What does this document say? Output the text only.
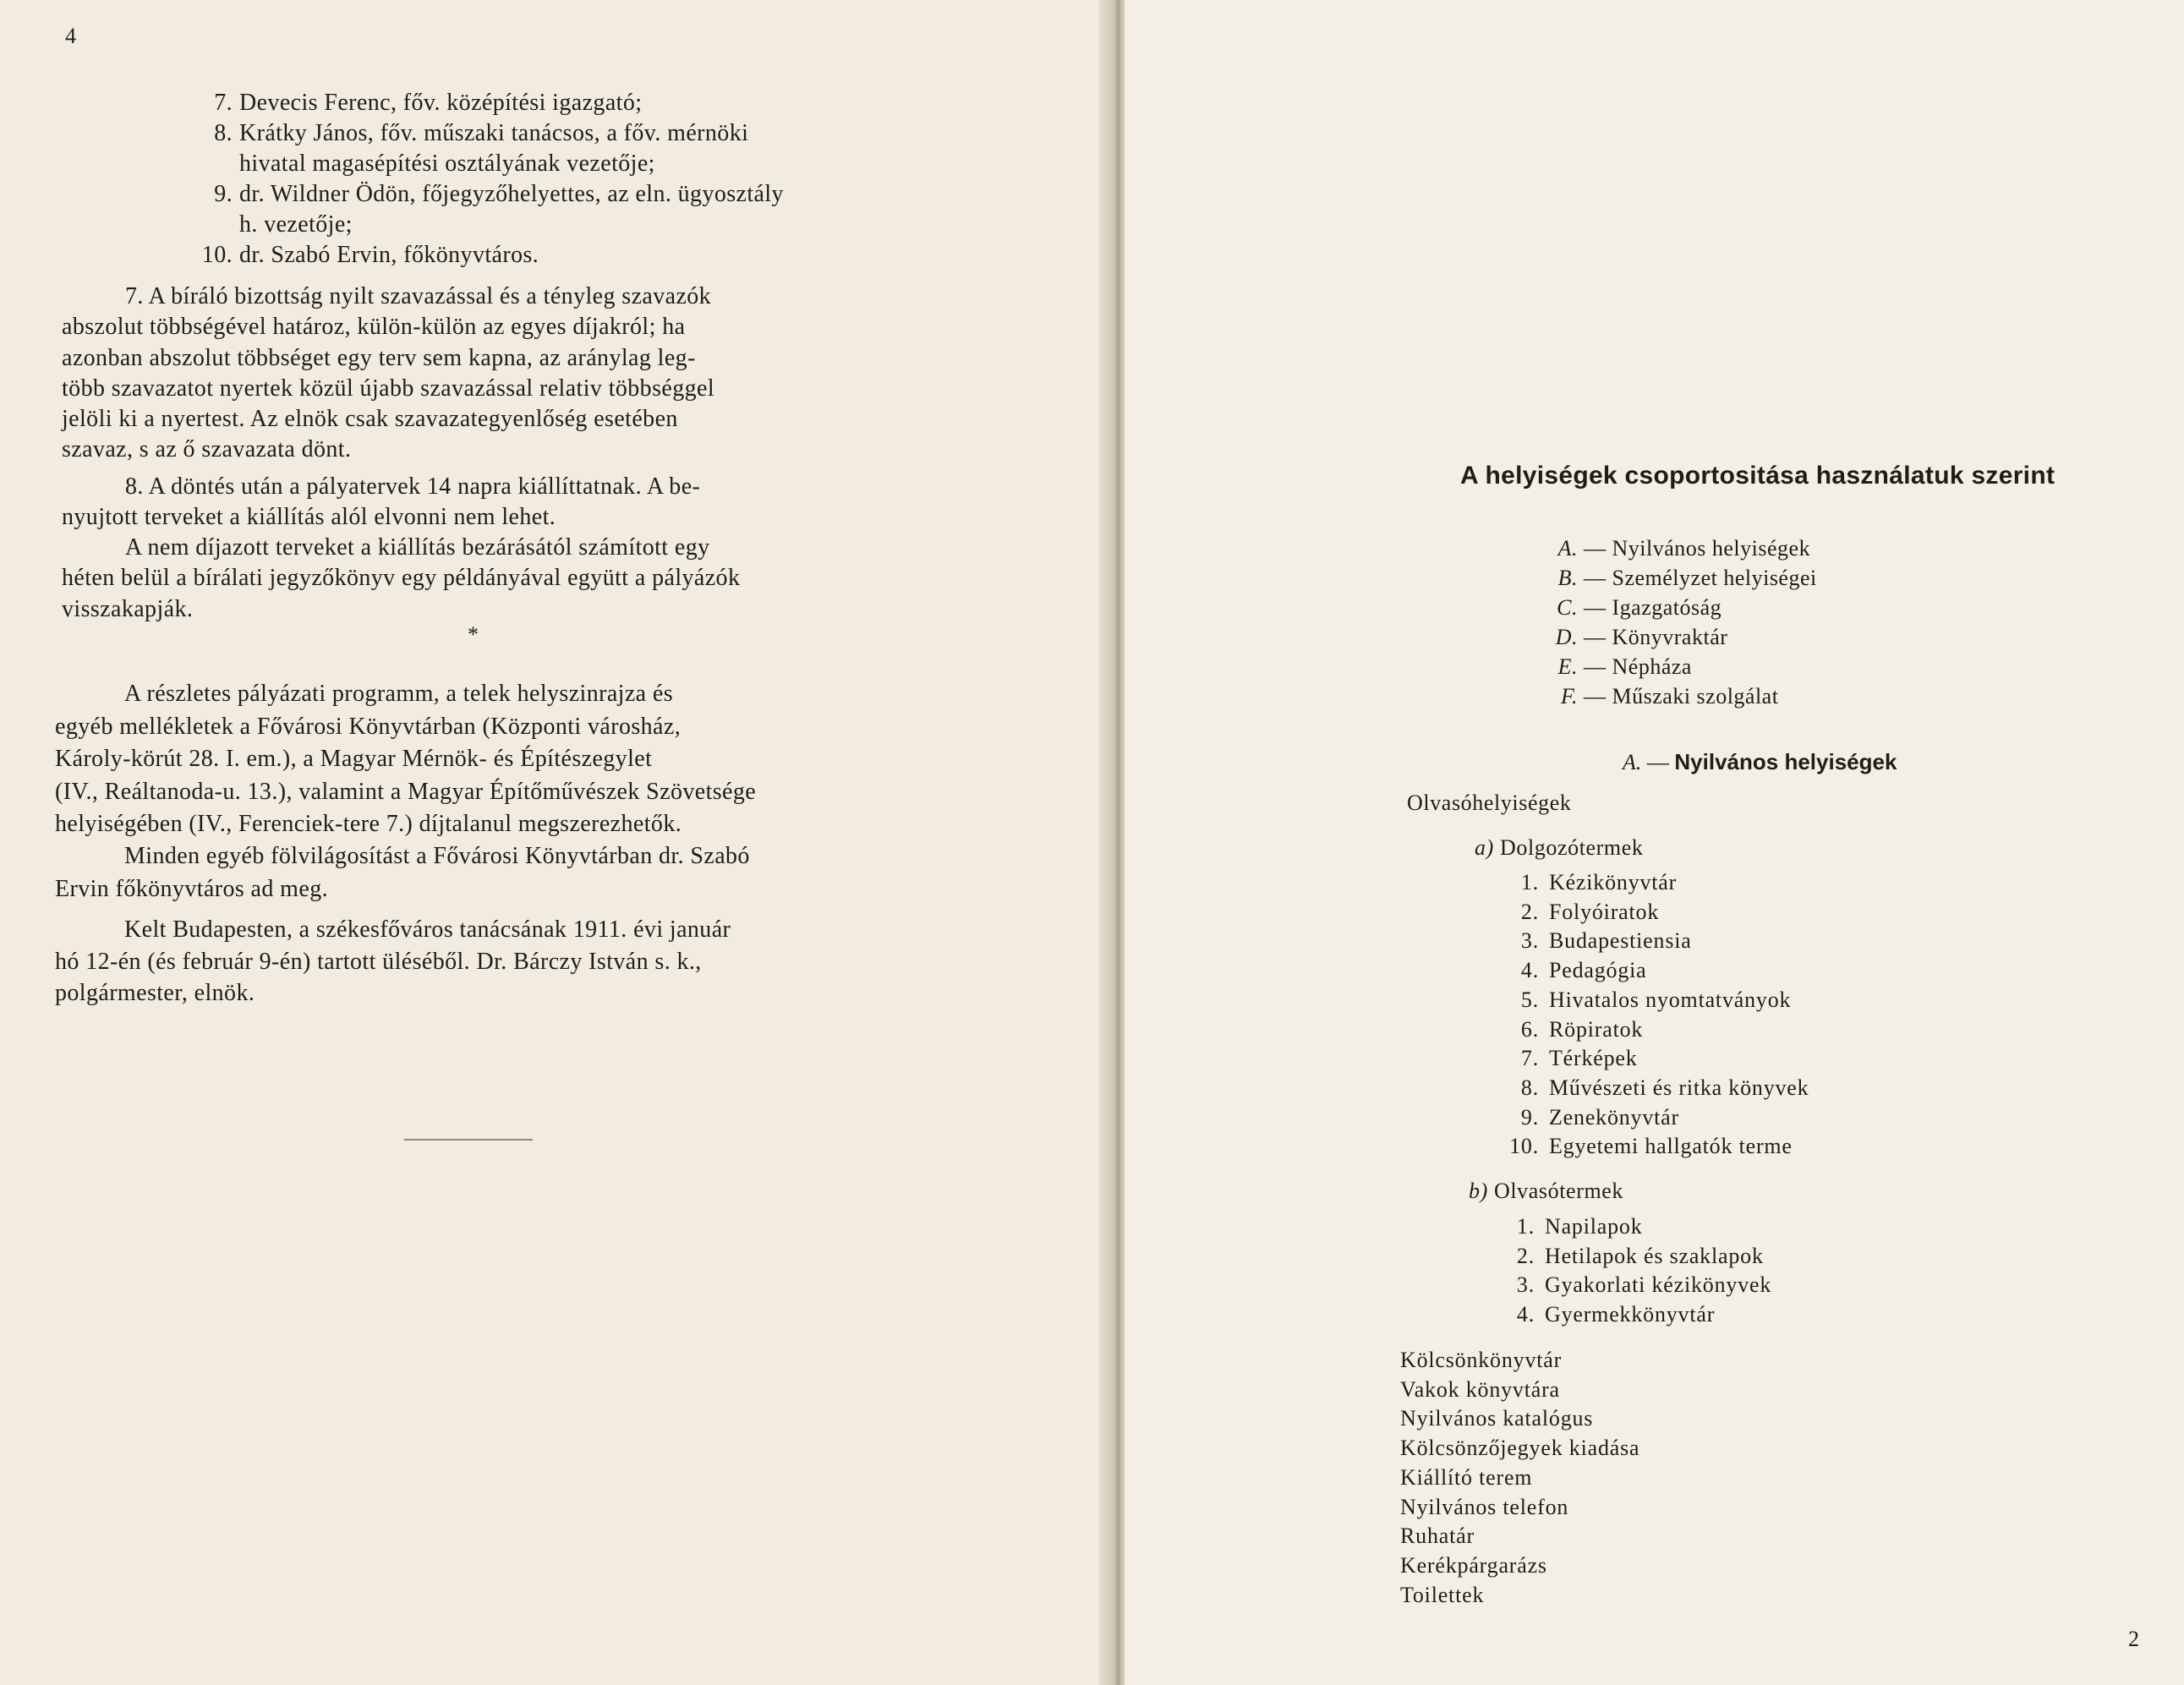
4
7. Devecis Ferenc, főv. középítési igazgató;
8. Krátky János, főv. műszaki tanácsos, a főv. mérnöki
hivatal magasépítési osztályának vezetője;
9. dr. Wildner Ödön, főjegyzőhelyettes, az eln. ügyosztály
h. vezetője;
10. dr. Szabó Ervin, főkönyvtáros.
7. A bíráló bizottság nyilt szavazással és a tényleg szavazók
abszolut többségével határoz, külön-külön az egyes díjakról; ha
azonban abszolut többséget egy terv sem kapna, az aránylag leg-
több szavazatot nyertek közül újabb szavazással relativ többséggel
jelöli ki a nyertest. Az elnök csak szavazategyenlőség esetében
szavaz, s az ő szavazata dönt.
8. A döntés után a pályatervek 14 napra kiállíttatnak. A be-
nyujtott terveket a kiállítás alól elvonni nem lehet.
A nem díjazott terveket a kiállítás bezárásától számított egy
héten belül a bírálati jegyzőkönyv egy példányával együtt a pályázók
visszakapják.
*
A részletes pályázati programm, a telek helyszinrajza és
egyéb mellékletek a Fővárosi Könyvtárban (Központi városház,
Károly-körút 28. I. em.), a Magyar Mérnök- és Építészegylet
(IV., Reáltanoda-u. 13.), valamint a Magyar Építőművészek Szövetsége
helyiségében (IV., Ferenciek-tere 7.) díjtalanul megszerezhetők.
Minden egyéb fölvilágosítást a Fővárosi Könyvtárban dr. Szabó
Ervin főkönyvtáros ad meg.
Kelt Budapesten, a székesfőváros tanácsának 1911. évi január
hó 12-én (és február 9-én) tartott üléséből. Dr. Bárczy István s. k.,
polgármester, elnök.
A helyiségek csoportositása használatuk szerint
A. — Nyilvános helyiségek
B. — Személyzet helyiségei
C. — Igazgatóság
D. — Könyvraktár
E. — Népháza
F. — Műszaki szolgálat
A. — Nyilvános helyiségek
Olvasóhelyiségek
a) Dolgozótermek
1. Kézikönyvtár
2. Folyóiratok
3. Budapestiensia
4. Pedagógia
5. Hivatalos nyomtatványok
6. Röpiratok
7. Térképek
8. Művészeti és ritka könyvek
9. Zenekönyvtár
10. Egyetemi hallgatók terme
b) Olvasótermek
1. Napilapok
2. Hetilapok és szaklapok
3. Gyakorlati kézikönyvek
4. Gyermekkönyvtár
Kölcsönkönyvtár
Vakok könyvtára
Nyilvános katalógus
Kölcsönzőjegyek kiadása
Kiállító terem
Nyilvános telefon
Ruhatár
Kerékpárgarázs
Toilettek
2
